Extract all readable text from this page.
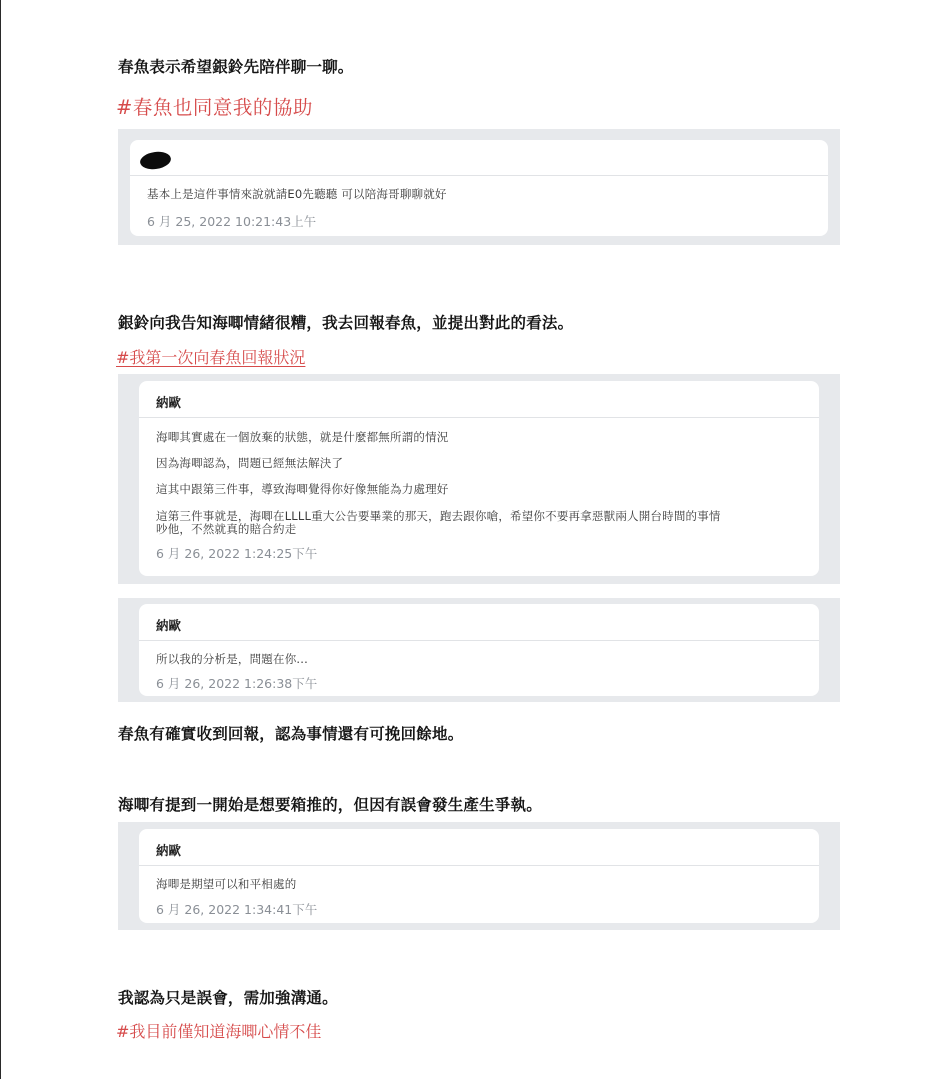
春魚表示希望銀鈴先陪伴聊一聊。
#春魚也同意我的協助
基本上是這件事情來說就請E0先聽聽 可以陪海哥聊聊就好
6 月 25, 2022 10:21:43上午
銀鈴向我告知海唧情緒很糟，我去回報春魚，並提出對此的看法。
#我第一次向春魚回報狀況
納歐
海唧其實處在一個放棄的狀態，就是什麼都無所謂的情況
因為海唧認為，問題已經無法解決了
這其中跟第三件事，導致海唧覺得你好像無能為力處理好
這第三件事就是，海唧在LLLL重大公告要畢業的那天，跑去跟你嗆，希望你不要再拿惡獸兩人開台時間的事情
吵他，不然就真的賠合約走
6 月 26, 2022 1:24:25下午
納歐
所以我的分析是，問題在你...
6 月 26, 2022 1:26:38下午
春魚有確實收到回報，認為事情還有可挽回餘地。
海唧有提到一開始是想要箱推的，但因有誤會發生產生爭執。
納歐
海唧是期望可以和平相處的
6 月 26, 2022 1:34:41下午
我認為只是誤會，需加強溝通。
#我目前僅知道海唧心情不佳
